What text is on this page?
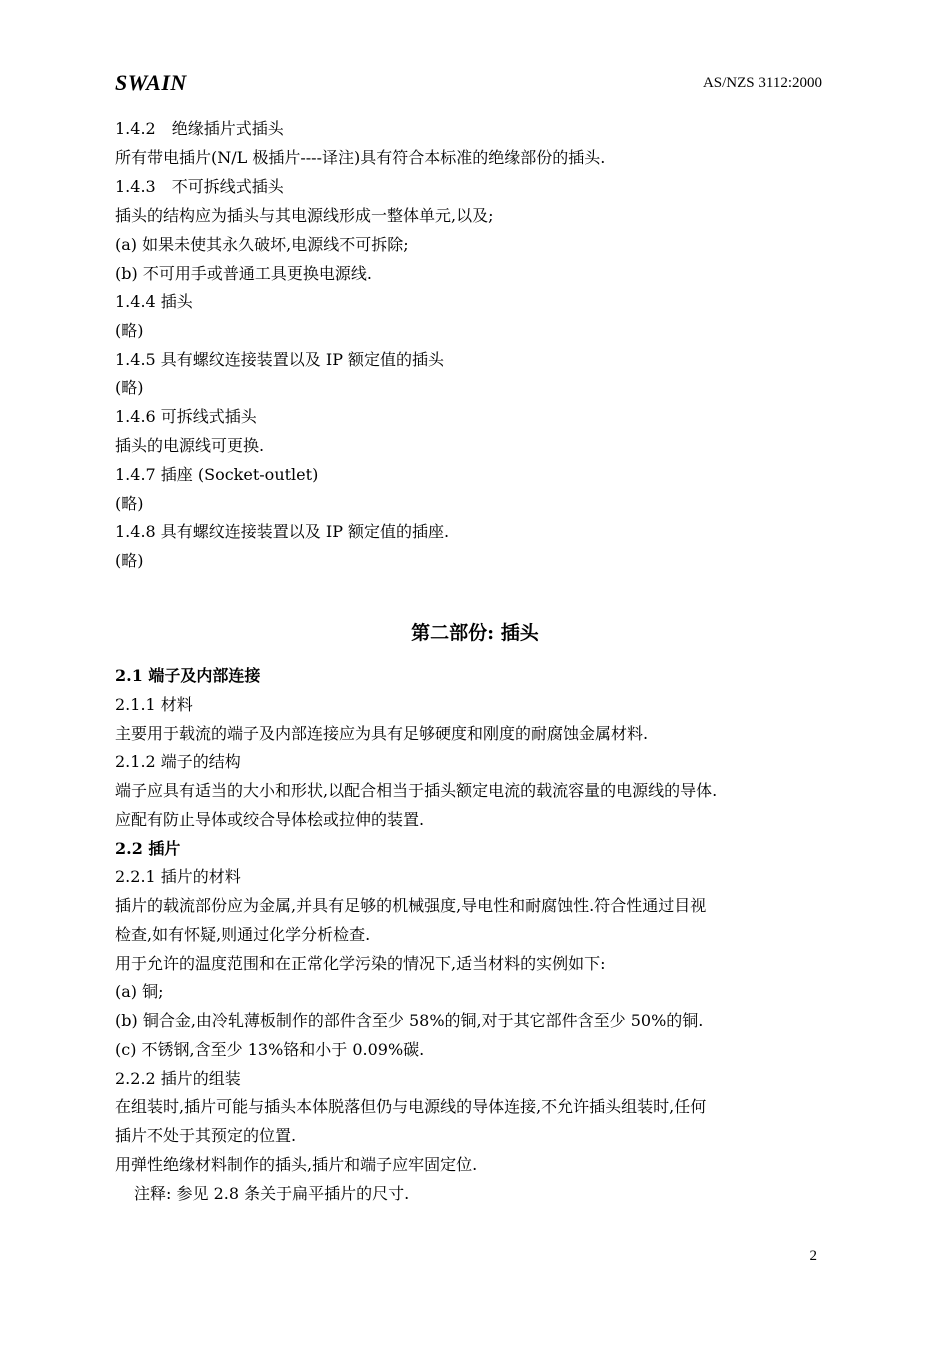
SWAIN	AS/NZS 3112:2000
1.4.2　绝缘插片式插头
所有带电插片(N/L 极插片----译注)具有符合本标准的绝缘部份的插头.
1.4.3　不可拆线式插头
插头的结构应为插头与其电源线形成一整体单元,以及;
(a) 如果未使其永久破坏,电源线不可拆除;
(b) 不可用手或普通工具更换电源线.
1.4.4 插头
(略)
1.4.5 具有螺纹连接装置以及 IP 额定值的插头
(略)
1.4.6 可拆线式插头
插头的电源线可更换.
1.4.7 插座 (Socket-outlet)
(略)
1.4.8 具有螺纹连接装置以及 IP 额定值的插座.
(略)
第二部份: 插头
2.1 端子及内部连接
2.1.1 材料
主要用于载流的端子及内部连接应为具有足够硬度和刚度的耐腐蚀金属材料.
2.1.2 端子的结构
端子应具有适当的大小和形状,以配合相当于插头额定电流的载流容量的电源线的导体.
应配有防止导体或绞合导体桧或拉伸的装置.
2.2 插片
2.2.1 插片的材料
插片的载流部份应为金属,并具有足够的机械强度,导电性和耐腐蚀性.符合性通过目视
检查,如有怀疑,则通过化学分析检查.
用于允许的温度范围和在正常化学污染的情况下,适当材料的实例如下:
(a) 铜;
(b) 铜合金,由冷轧薄板制作的部件含至少 58%的铜,对于其它部件含至少 50%的铜.
(c) 不锈钢,含至少 13%铬和小于 0.09%碳.
2.2.2 插片的组装
在组装时,插片可能与插头本体脱落但仍与电源线的导体连接,不允许插头组装时,任何
插片不处于其预定的位置.
用弹性绝缘材料制作的插头,插片和端子应牢固定位.
注释: 参见 2.8 条关于扁平插片的尺寸.
2
